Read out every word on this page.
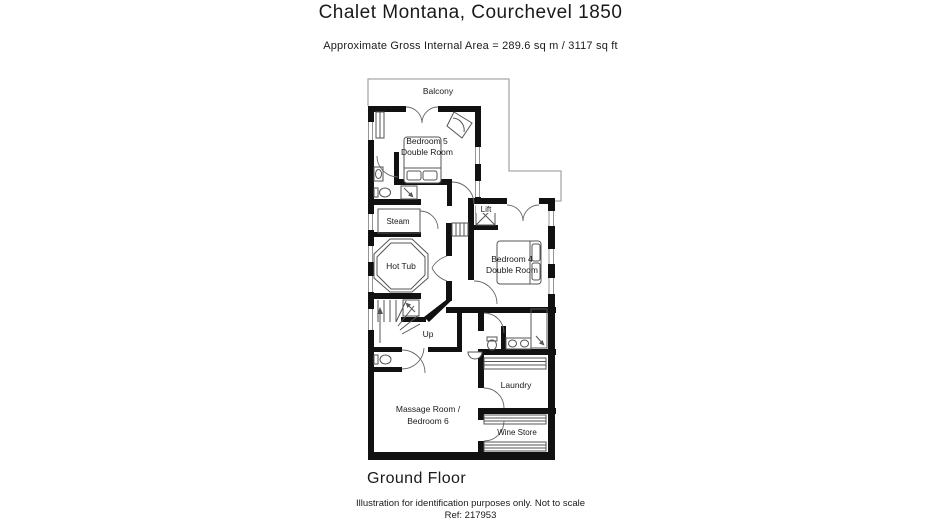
Chalet Montana, Courchevel 1850
Approximate Gross Internal Area = 289.6 sq m / 3117 sq ft
Balcony
Bedroom 5
Double Room
Steam
Lift
Hot Tub
Bedroom 4
Double Room
Up
Laundry
Massage Room /
Bedroom 6
Wine Store
Ground Floor
Illustration for identification purposes only. Not to scale
Ref: 217953
